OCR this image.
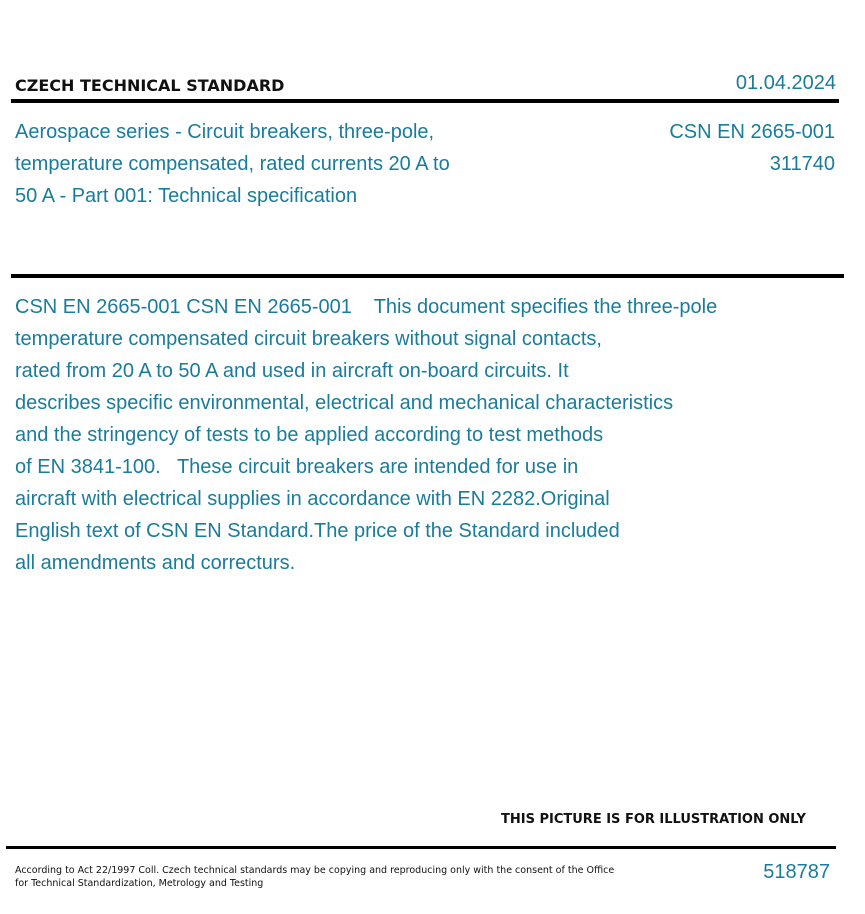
CZECH TECHNICAL STANDARD	01.04.2024
Aerospace series - Circuit breakers, three-pole,
temperature compensated, rated currents 20 A to
50 A - Part 001: Technical specification
CSN EN 2665-001
311740
CSN EN 2665-001 CSN EN 2665-001    This document specifies the three-pole
temperature compensated circuit breakers without signal contacts,
rated from 20 A to 50 A and used in aircraft on-board circuits. It
describes specific environmental, electrical and mechanical characteristics
and the stringency of tests to be applied according to test methods
of EN 3841-100.   These circuit breakers are intended for use in
aircraft with electrical supplies in accordance with EN 2282.Original
English text of CSN EN Standard.The price of the Standard included
all amendments and correcturs.
THIS PICTURE IS FOR ILLUSTRATION ONLY
According to Act 22/1997 Coll. Czech technical standards may be copying and reproducing only with the consent of the Office
for Technical Standardization, Metrology and Testing
518787
